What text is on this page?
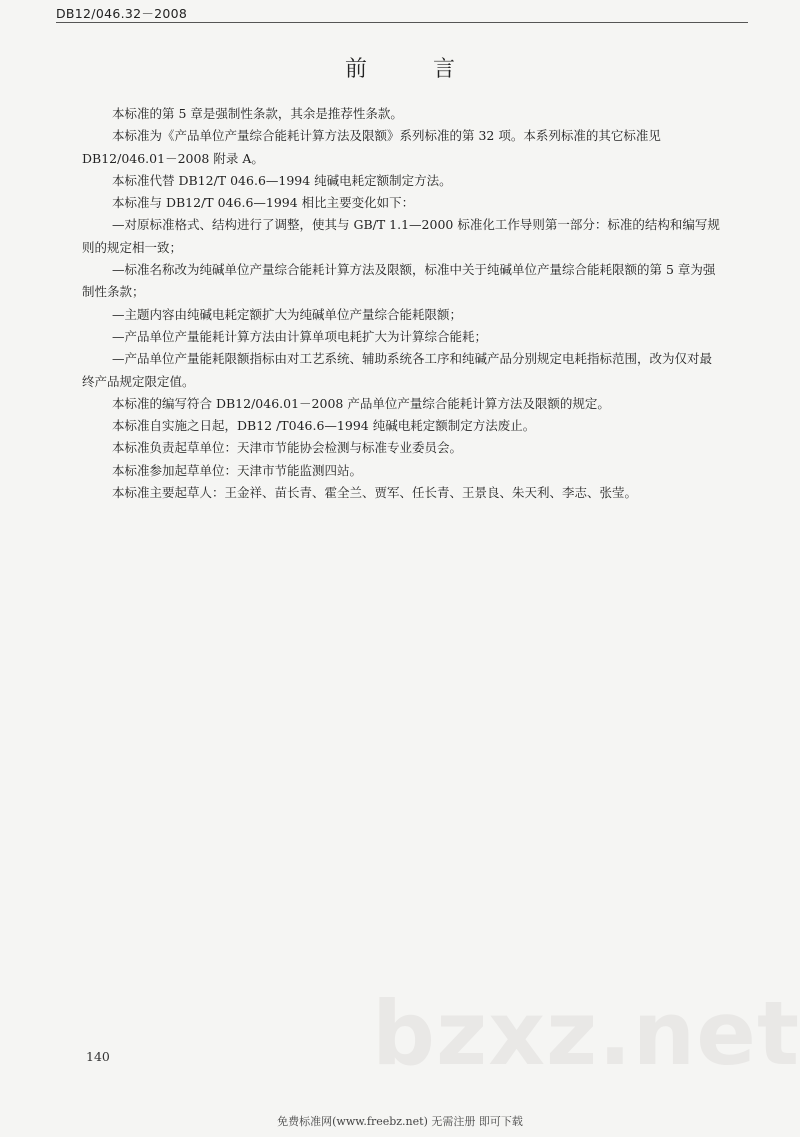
DB12/046.32－2008
前　言

本标准的第 5 章是强制性条款，其余是推荐性条款。

本标准为《产品单位产量综合能耗计算方法及限额》系列标准的第 32 项。本系列标准的其它标准见 DB12/046.01－2008 附录 A。

本标准代替 DB12/T 046.6—1994 纯碱电耗定额制定方法。

本标准与 DB12/T 046.6—1994 相比主要变化如下：

—对原标准格式、结构进行了调整，使其与 GB/T 1.1—2000 标准化工作导则第一部分：标准的结构和编写规则的规定相一致；

—标准名称改为纯碱单位产量综合能耗计算方法及限额，标准中关于纯碱单位产量综合能耗限额的第 5 章为强制性条款；

—主题内容由纯碱电耗定额扩大为纯碱单位产量综合能耗限额；

—产品单位产量能耗计算方法由计算单项电耗扩大为计算综合能耗；

—产品单位产量能耗限额指标由对工艺系统、辅助系统各工序和纯碱产品分别规定电耗指标范围，改为仅对最终产品规定限定值。

本标准的编写符合 DB12/046.01－2008 产品单位产量综合能耗计算方法及限额的规定。

本标准自实施之日起，DB12 /T046.6—1994 纯碱电耗定额制定方法废止。

本标准负责起草单位：天津市节能协会检测与标准专业委员会。

本标准参加起草单位：天津市节能监测四站。

本标准主要起草人：王金祥、苗长青、霍全兰、贾军、任长青、王景良、朱天利、李志、张莹。

bzxz.net
140
免费标准网(www.freebz.net) 无需注册 即可下载
